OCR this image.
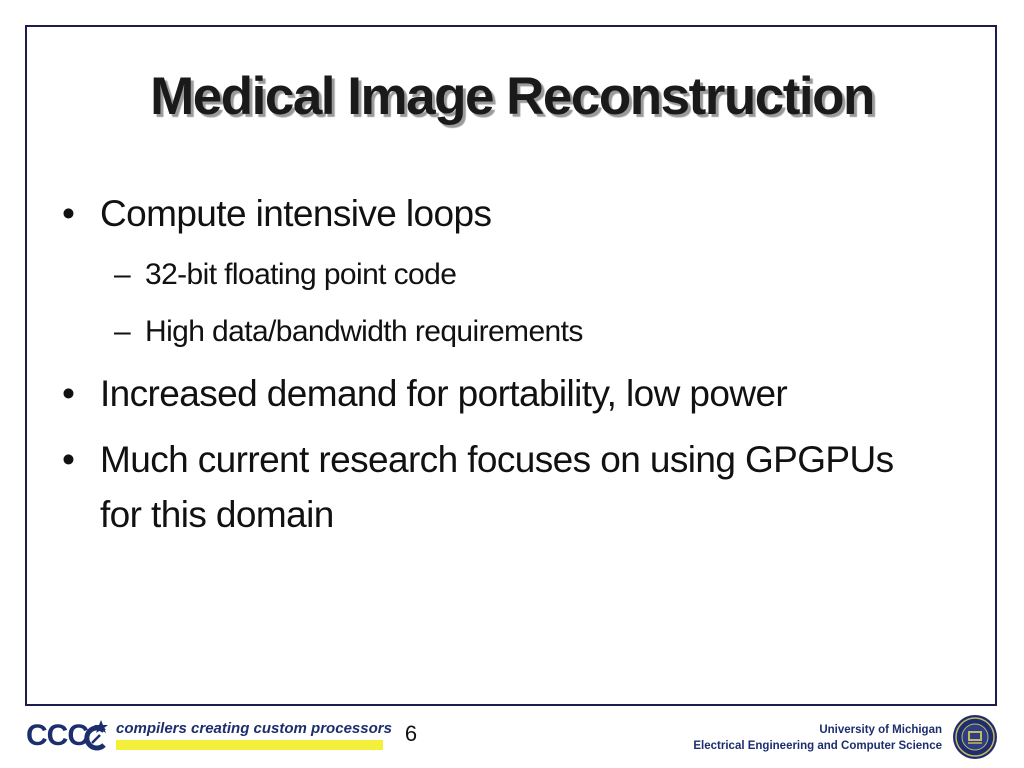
Medical Image Reconstruction
• Compute intensive loops
– 32-bit floating point code
– High data/bandwidth requirements
• Increased demand for portability, low power
• Much current research focuses on using GPGPUs
for this domain
CCC compilers creating custom processors 6	University of Michigan
Electrical Engineering and Computer Science
